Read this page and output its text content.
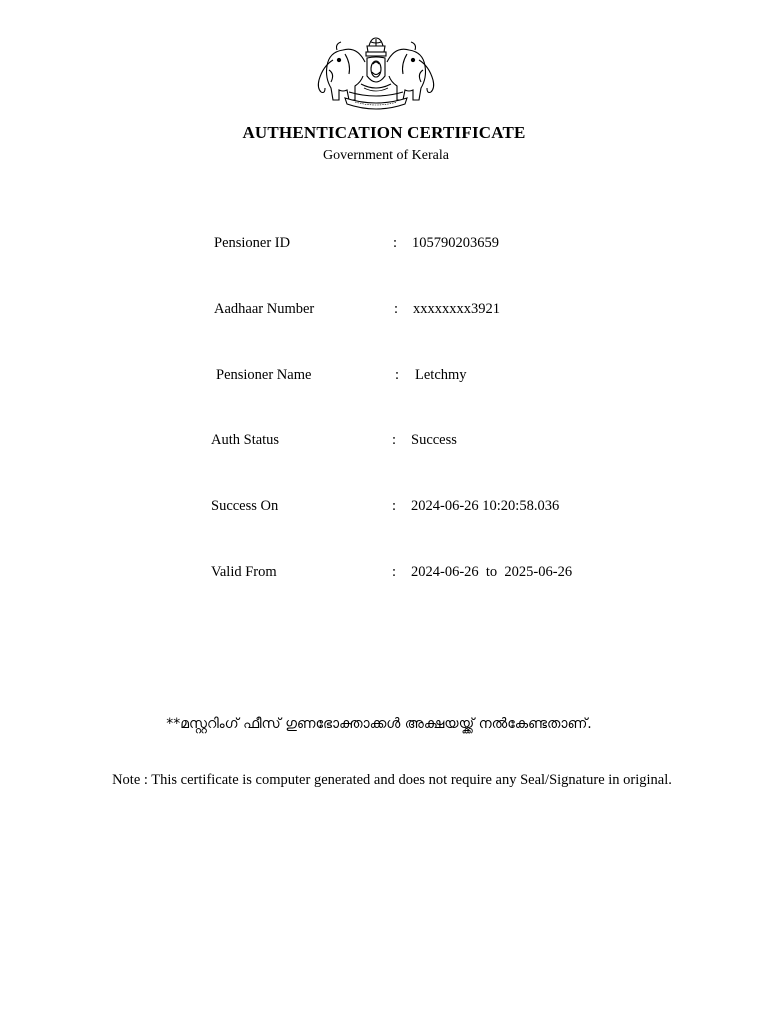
AUTHENTICATION CERTIFICATE
Government of Kerala
Pensioner ID	: 105790203659
Aadhaar Number	: xxxxxxxx3921
Pensioner Name	: Letchmy
Auth Status	: Success
Success On	: 2024-06-26 10:20:58.036
Valid From	: 2024-06-26  to  2025-06-26
**മസ്റ്ററിംഗ് ഫീസ് ഗുണഭോക്താക്കൾ അക്ഷയയ്ക്ക് നൽകേണ്ടതാണ്.
Note : This certificate is computer generated and does not require any Seal/Signature in original.
